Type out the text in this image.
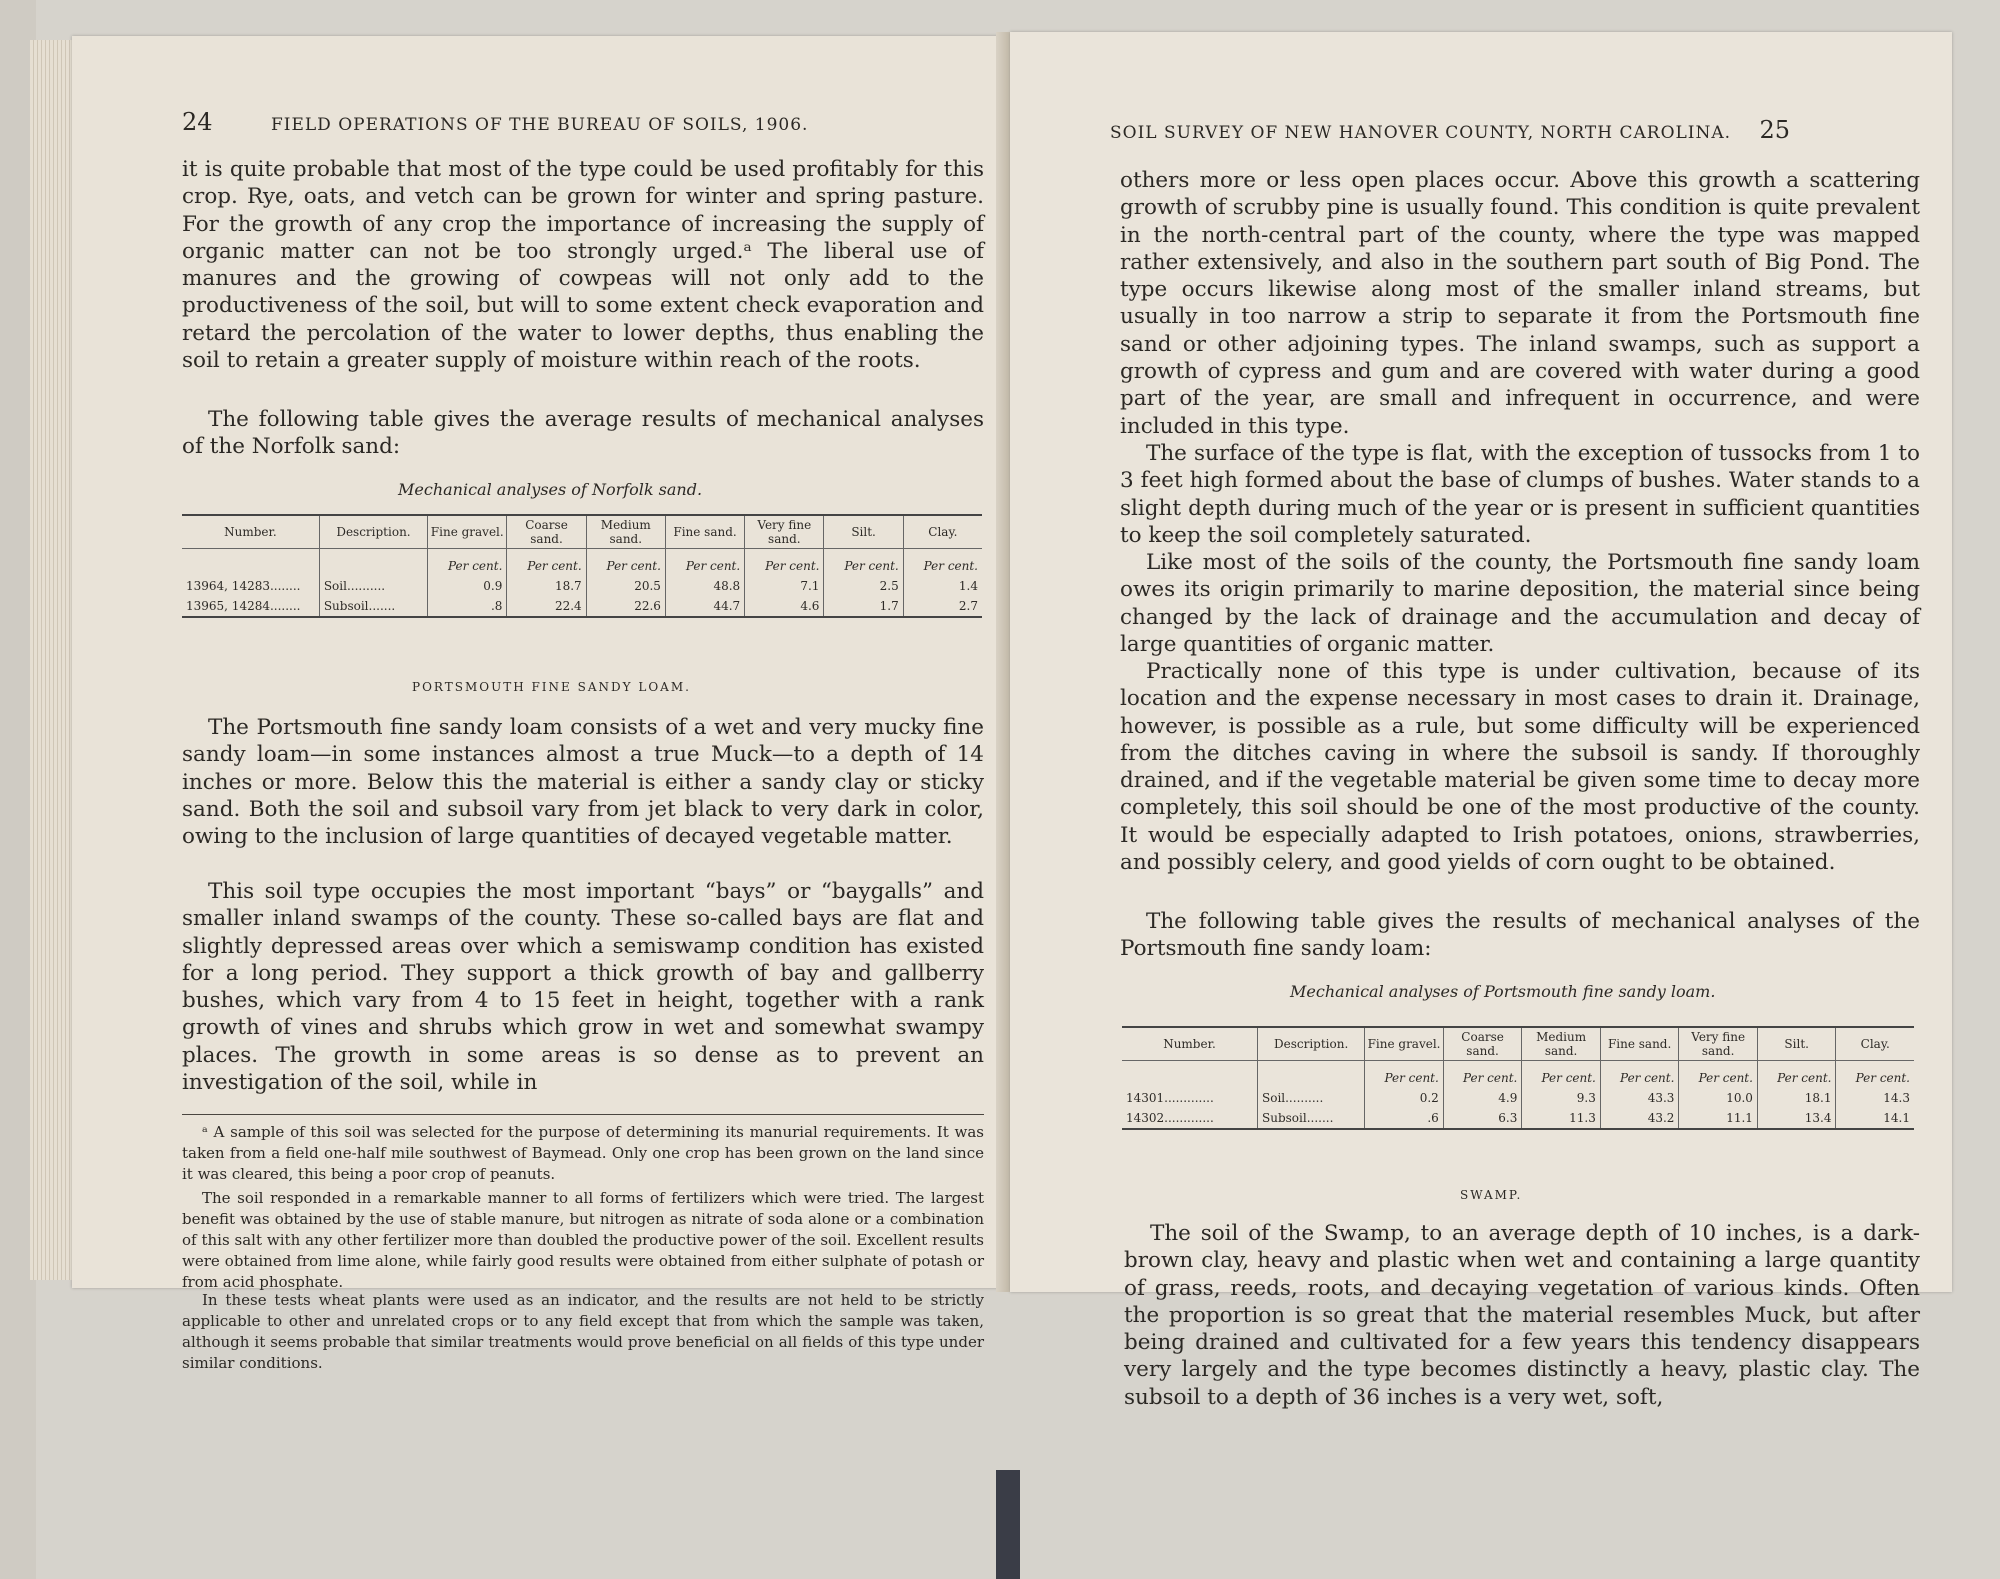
24	FIELD OPERATIONS OF THE BUREAU OF SOILS, 1906.

it is quite probable that most of the type could be used profitably for this crop. Rye, oats, and vetch can be grown for winter and spring pasture. For the growth of any crop the importance of increasing the supply of organic matter can not be too strongly urged.ᵃ The liberal use of manures and the growing of cowpeas will not only add to the productiveness of the soil, but will to some extent check evaporation and retard the percolation of the water to lower depths, thus enabling the soil to retain a greater supply of moisture within reach of the roots.

The following table gives the average results of mechanical analyses of the Norfolk sand:

Mechanical analyses of Norfolk sand.
Number.	Description.	Fine gravel.	Coarse sand.	Medium sand.	Fine sand.	Very fine sand.	Silt.	Clay.
		Per cent.	Per cent.	Per cent.	Per cent.	Per cent.	Per cent.	Per cent.
13964, 14283........	Soil..........	0.9	18.7	20.5	48.8	7.1	2.5	1.4
13965, 14284........	Subsoil.......	.8	22.4	22.6	44.7	4.6	1.7	2.7
PORTSMOUTH FINE SANDY LOAM.

The Portsmouth fine sandy loam consists of a wet and very mucky fine sandy loam—in some instances almost a true Muck—to a depth of 14 inches or more. Below this the material is either a sandy clay or sticky sand. Both the soil and subsoil vary from jet black to very dark in color, owing to the inclusion of large quantities of decayed vegetable matter.

This soil type occupies the most important “bays” or “baygalls” and smaller inland swamps of the county. These so-called bays are flat and slightly depressed areas over which a semiswamp condition has existed for a long period. They support a thick growth of bay and gallberry bushes, which vary from 4 to 15 feet in height, together with a rank growth of vines and shrubs which grow in wet and somewhat swampy places. The growth in some areas is so dense as to prevent an investigation of the soil, while in

ᵃ A sample of this soil was selected for the purpose of determining its manurial requirements. It was taken from a field one-half mile southwest of Baymead. Only one crop has been grown on the land since it was cleared, this being a poor crop of peanuts.

The soil responded in a remarkable manner to all forms of fertilizers which were tried. The largest benefit was obtained by the use of stable manure, but nitrogen as nitrate of soda alone or a combination of this salt with any other fertilizer more than doubled the productive power of the soil. Excellent results were obtained from lime alone, while fairly good results were obtained from either sulphate of potash or from acid phosphate.

SOIL SURVEY OF NEW HANOVER COUNTY, NORTH CAROLINA. 25

others more or less open places occur. Above this growth a scattering growth of scrubby pine is usually found. This condition is quite prevalent in the north-central part of the county, where the type was mapped rather extensively, and also in the southern part south of Big Pond. The type occurs likewise along most of the smaller inland streams, but usually in too narrow a strip to separate it from the Portsmouth fine sand or other adjoining types. The inland swamps, such as support a growth of cypress and gum and are covered with water during a good part of the year, are small and infrequent in occurrence, and were included in this type.

The surface of the type is flat, with the exception of tussocks from 1 to 3 feet high formed about the base of clumps of bushes. Water stands to a slight depth during much of the year or is present in sufficient quantities to keep the soil completely saturated.

Like most of the soils of the county, the Portsmouth fine sandy loam owes its origin primarily to marine deposition, the material since being changed by the lack of drainage and the accumulation and decay of large quantities of organic matter.

Practically none of this type is under cultivation, because of its location and the expense necessary in most cases to drain it. Drainage, however, is possible as a rule, but some difficulty will be experienced from the ditches caving in where the subsoil is sandy. If thoroughly drained, and if the vegetable material be given some time to decay more completely, this soil should be one of the most productive of the county. It would be especially adapted to Irish potatoes, onions, strawberries, and possibly celery, and good yields of corn ought to be obtained.

The following table gives the results of mechanical analyses of the Portsmouth fine sandy loam:

Mechanical analyses of Portsmouth fine sandy loam.
Number.	Description.	Fine gravel.	Coarse sand.	Medium sand.	Fine sand.	Very fine sand.	Silt.	Clay.
		Per cent.	Per cent.	Per cent.	Per cent.	Per cent.	Per cent.	Per cent.
14301.............	Soil..........	0.2	4.9	9.3	43.3	10.0	18.1	14.3
14302.............	Subsoil.......	.6	6.3	11.3	43.2	11.1	13.4	14.1
SWAMP.

The soil of the Swamp, to an average depth of 10 inches, is a dark-brown clay, heavy and plastic when wet and containing a large quantity of grass, reeds, roots, and decaying vegetation of various kinds. Often the proportion is so great that the material resembles Muck, but after being drained and cultivated for a few years this tendency disappears very largely and the type becomes distinctly a heavy, plastic clay. The subsoil to a depth of 36 inches is a very wet, soft,

In these tests wheat plants were used as an indicator, and the results are not held to be strictly applicable to other and unrelated crops or to any field except that from which the sample was taken, although it seems probable that similar treatments would prove beneficial on all fields of this type under similar conditions.
